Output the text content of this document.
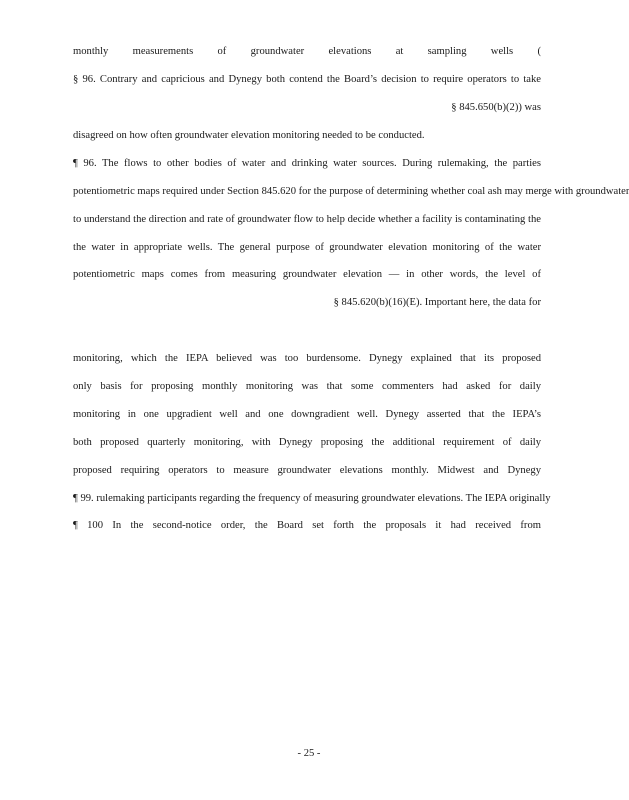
monthly measurements of groundwater elevations at sampling wells (

§ 96. Contrary and capricious and Dynegy both contend the Board’s decision to require operators to take

§ 845.650(b)(2)) was

disagreed on how often groundwater elevation monitoring needed to be conducted.

¶ 96. The flows to other bodies of water and drinking water sources. During rulemaking, the parties

potentiometric maps required under Section 845.620 for the purpose of determining whether coal ash may merge with groundwater

to understand the direction and rate of groundwater flow to help decide whether a facility is contaminating the

the water in appropriate wells. The general purpose of groundwater elevation monitoring of the water

potentiometric maps comes from measuring groundwater elevation — in other words, the level of

§ 845.620(b)(16)(E). Important here, the data for

monitoring, which the IEPA believed was too burdensome. Dynegy explained that its proposed

only basis for proposing monthly monitoring was that some commenters had asked for daily

monitoring in one upgradient well and one downgradient well. Dynegy asserted that the IEPA’s

both proposed quarterly monitoring, with Dynegy proposing the additional requirement of daily

proposed requiring operators to measure groundwater elevations monthly. Midwest and Dynegy

¶ 99. rulemaking participants regarding the frequency of measuring groundwater elevations. The IEPA originally

¶ 100 In the second-notice order, the Board set forth the proposals it had received from

- 25 -
